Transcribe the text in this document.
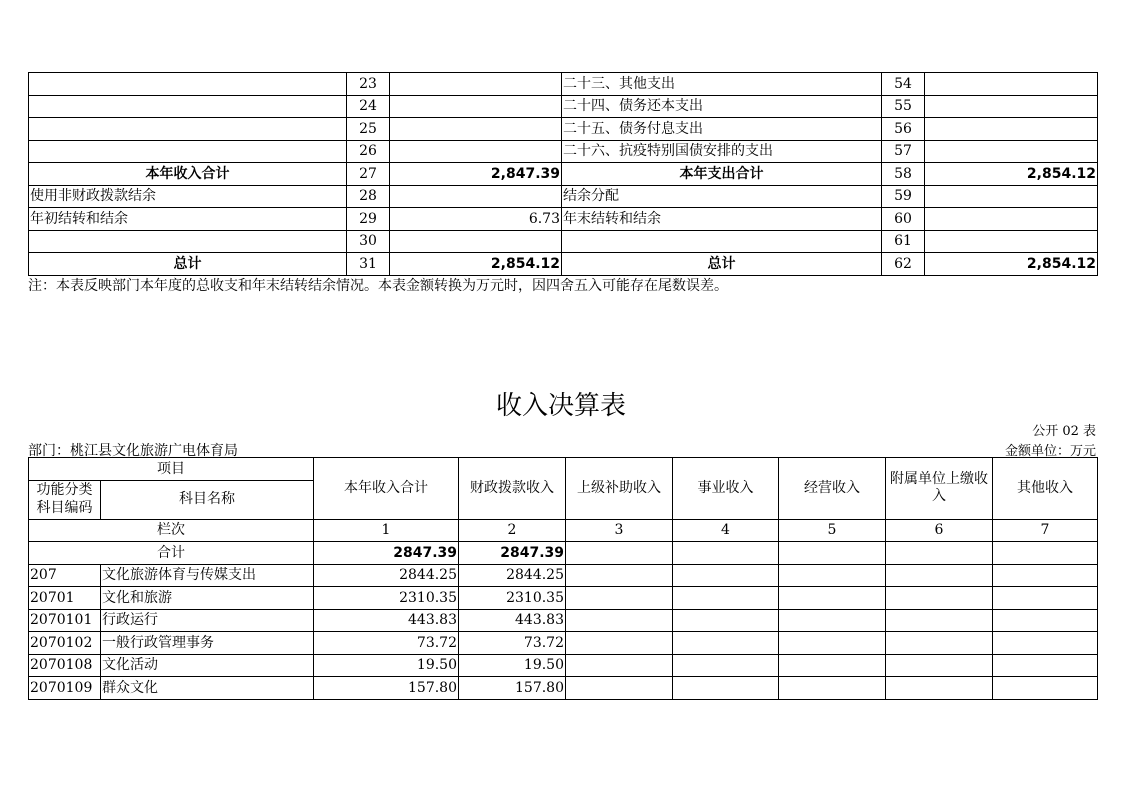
	23		二十三、其他支出	54	
	24		二十四、债务还本支出	55	
	25		二十五、债务付息支出	56	
	26		二十六、抗疫特别国债安排的支出	57	
本年收入合计	27	2,847.39	本年支出合计	58	2,854.12
使用非财政拨款结余	28		结余分配	59	
年初结转和结余	29	6.73	年末结转和结余	60	
	30			61	
总计	31	2,854.12	总计	62	2,854.12
注：本表反映部门本年度的总收支和年末结转结余情况。本表金额转换为万元时，因四舍五入可能存在尾数误差。
收入决算表
公开 02 表
部门：桃江县文化旅游广电体育局	金额单位：万元
项目		本年收入合计	财政拨款收入	上级补助收入	事业收入	经营收入	附属单位上缴收入	其他收入
功能分类科目编码	科目名称							
栏次		1	2	3	4	5	6	7
合计		2847.39	2847.39					
207	文化旅游体育与传媒支出	2844.25	2844.25					
20701	文化和旅游	2310.35	2310.35					
2070101	行政运行	443.83	443.83					
2070102	一般行政管理事务	73.72	73.72					
2070108	文化活动	19.50	19.50					
2070109	群众文化	157.80	157.80					
